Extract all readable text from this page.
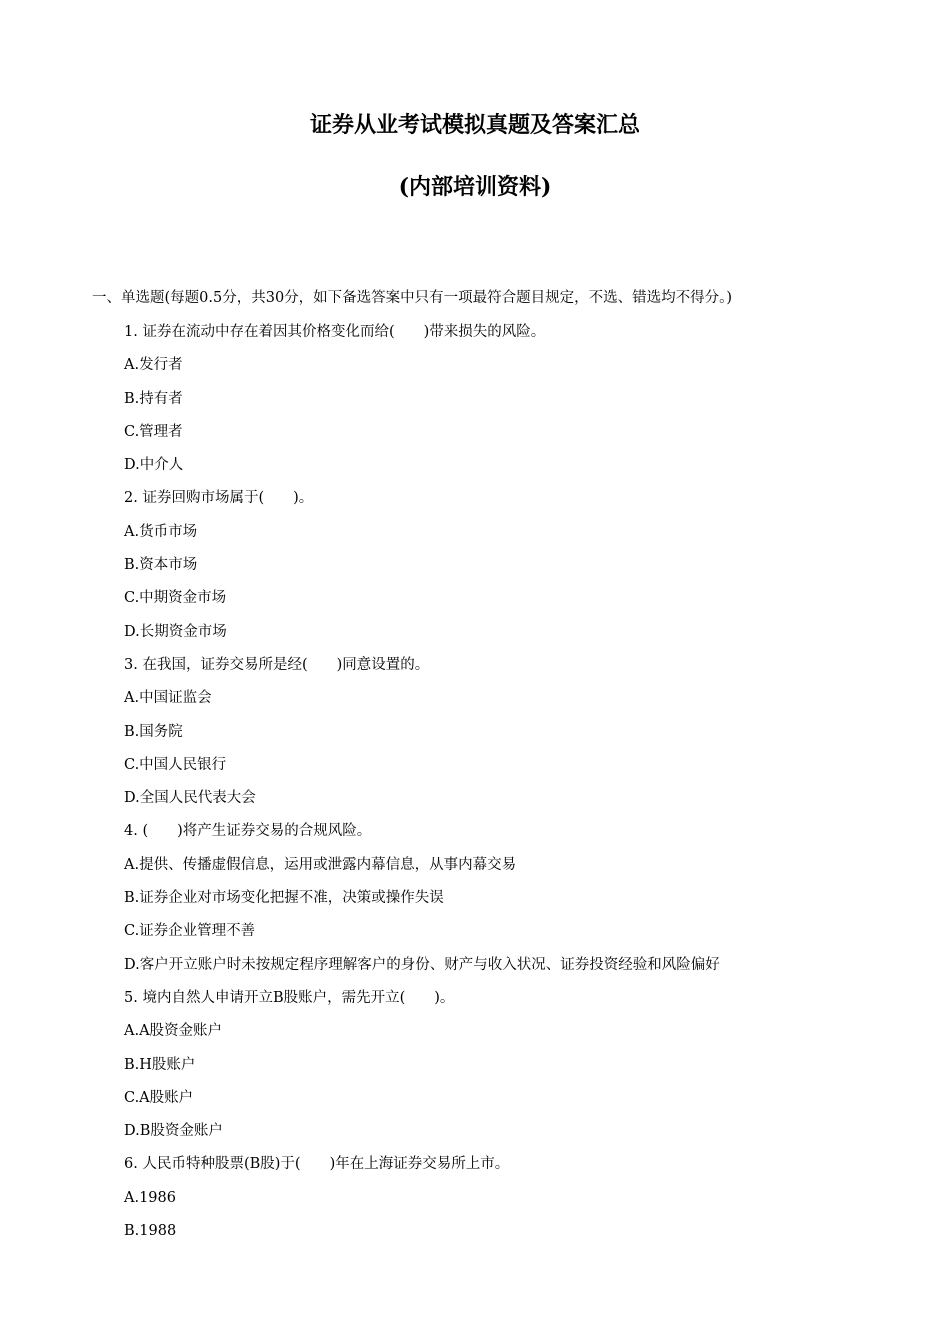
证券从业考试模拟真题及答案汇总
(内部培训资料)
一、单选题(每题0.5分，共30分，如下备选答案中只有一项最符合题目规定，不选、错选均不得分。)
1. 证券在流动中存在着因其价格变化而给(　　)带来损失的风险。
A.发行者
B.持有者
C.管理者
D.中介人
2. 证券回购市场属于(　　)。
A.货币市场
B.资本市场
C.中期资金市场
D.长期资金市场
3. 在我国，证券交易所是经(　　)同意设置的。
A.中国证监会
B.国务院
C.中国人民银行
D.全国人民代表大会
4. (　　)将产生证券交易的合规风险。
A.提供、传播虚假信息，运用或泄露内幕信息，从事内幕交易
B.证券企业对市场变化把握不准，决策或操作失误
C.证券企业管理不善
D.客户开立账户时未按规定程序理解客户的身份、财产与收入状况、证券投资经验和风险偏好
5. 境内自然人申请开立B股账户，需先开立(　　)。
A.A股资金账户
B.H股账户
C.A股账户
D.B股资金账户
6. 人民币特种股票(B股)于(　　)年在上海证券交易所上市。
A.1986
B.1988
